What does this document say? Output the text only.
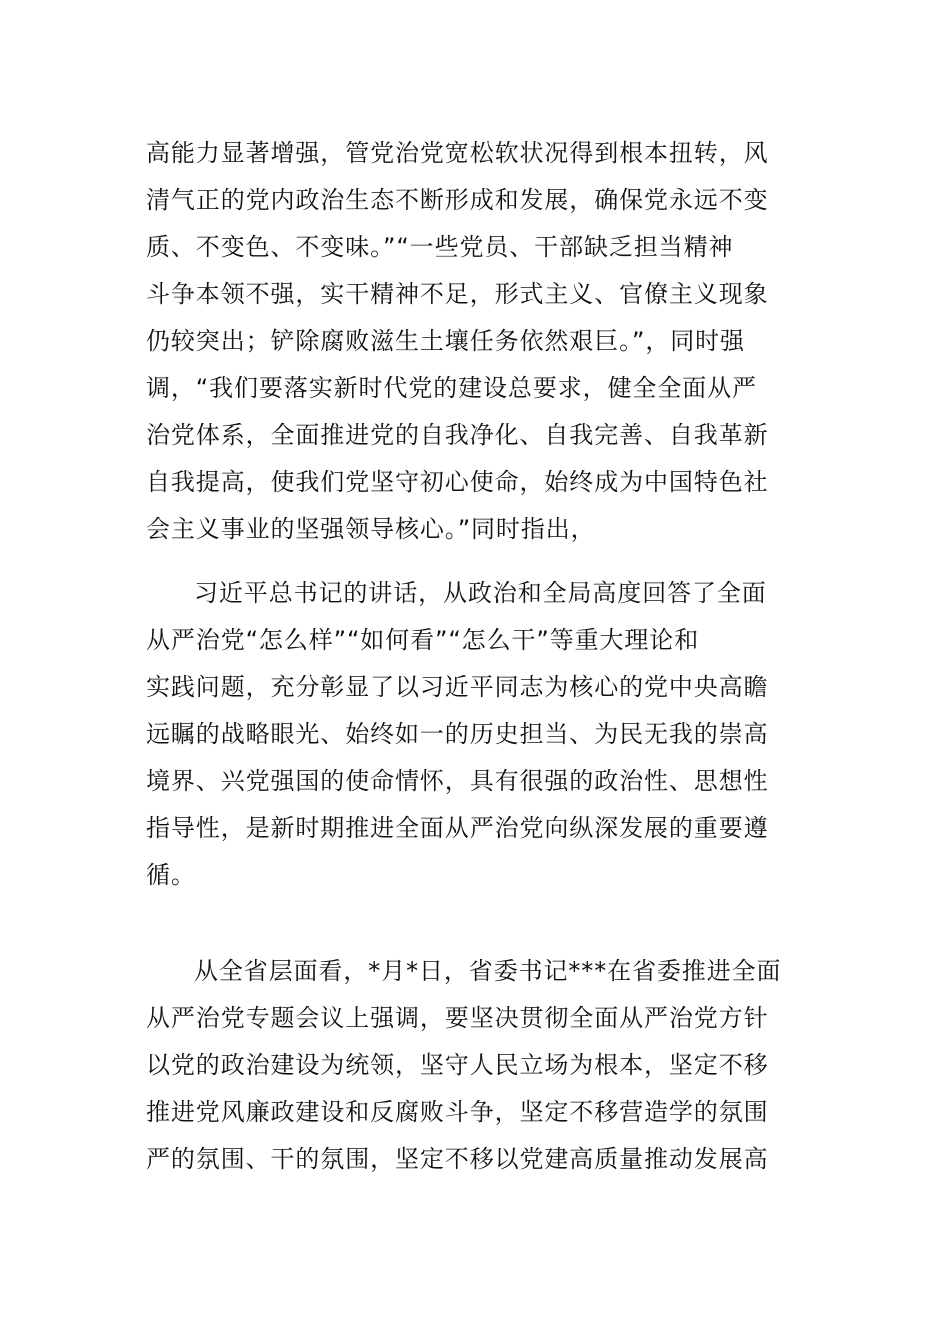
高能力显著增强，管党治党宽松软状况得到根本扭转，风
清气正的党内政治生态不断形成和发展，确保党永远不变
质、不变色、不变味。”“一些党员、干部缺乏担当精神
斗争本领不强，实干精神不足，形式主义、官僚主义现象
仍较突出；铲除腐败滋生土壤任务依然艰巨。”，同时强
调，“我们要落实新时代党的建设总要求，健全全面从严
治党体系，全面推进党的自我净化、自我完善、自我革新
自我提高，使我们党坚守初心使命，始终成为中国特色社
会主义事业的坚强领导核心。”同时指出，
习近平总书记的讲话，从政治和全局高度回答了全面
从严治党“怎么样”“如何看”“怎么干”等重大理论和
实践问题，充分彰显了以习近平同志为核心的党中央高瞻
远瞩的战略眼光、始终如一的历史担当、为民无我的崇高
境界、兴党强国的使命情怀，具有很强的政治性、思想性
指导性，是新时期推进全面从严治党向纵深发展的重要遵
循。
从全省层面看，*月*日，省委书记***在省委推进全面
从严治党专题会议上强调，要坚决贯彻全面从严治党方针
以党的政治建设为统领，坚守人民立场为根本，坚定不移
推进党风廉政建设和反腐败斗争，坚定不移营造学的氛围
严的氛围、干的氛围，坚定不移以党建高质量推动发展高
